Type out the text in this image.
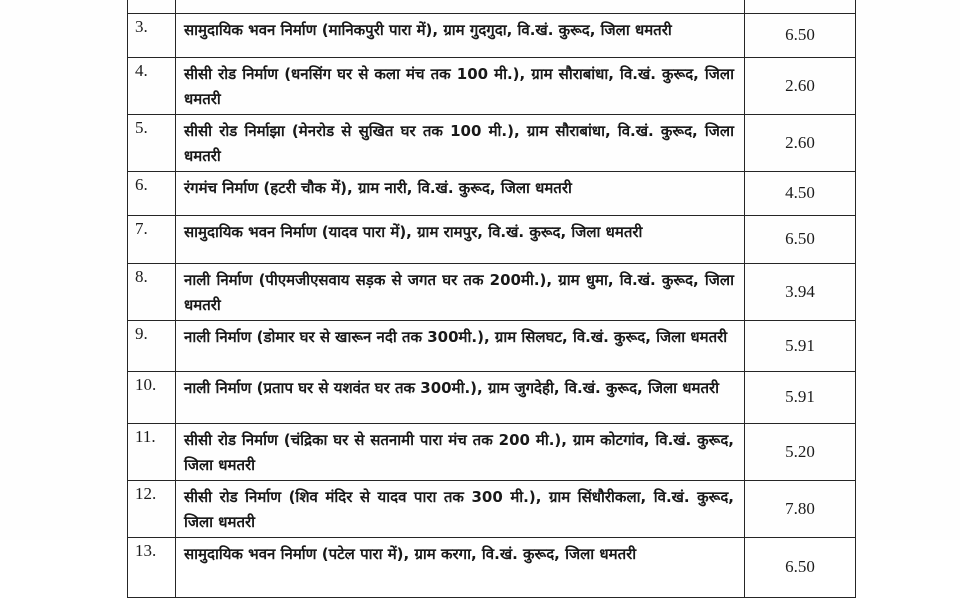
3.	सामुदायिक भवन निर्माण (मानिकपुरी पारा में), ग्राम गुदगुदा, वि.खं. कुरूद, जिला धमतरी	6.50
4.	सीसी रोड निर्माण (धनसिंग घर से कला मंच तक 100 मी.), ग्राम सौराबांधा, वि.खं. कुरूद, जिला धमतरी	2.60
5.	सीसी रोड निर्माझा (मेनरोड से सुखित घर तक 100 मी.), ग्राम सौराबांधा, वि.खं. कुरूद, जिला धमतरी	2.60
6.	रंगमंच निर्माण (हटरी चौक में), ग्राम नारी, वि.खं. कुरूद, जिला धमतरी	4.50
7.	सामुदायिक भवन निर्माण (यादव पारा में), ग्राम रामपुर, वि.खं. कुरूद, जिला धमतरी	6.50
8.	नाली निर्माण (पीएमजीएसवाय सड़क से जगत घर तक 200मी.), ग्राम धुमा, वि.खं. कुरूद, जिला धमतरी	3.94
9.	नाली निर्माण (डोमार घर से खारून नदी तक 300मी.), ग्राम सिलघट, वि.खं. कुरूद, जिला धमतरी	5.91
10.	नाली निर्माण (प्रताप घर से यशवंत घर तक 300मी.), ग्राम जुगदेही, वि.खं. कुरूद, जिला धमतरी	5.91
11.	सीसी रोड निर्माण (चंद्रिका घर से सतनामी पारा मंच तक 200 मी.), ग्राम कोटगांव, वि.खं. कुरूद, जिला धमतरी	5.20
12.	सीसी रोड निर्माण (शिव मंदिर से यादव पारा तक 300 मी.), ग्राम सिंधौरीकला, वि.खं. कुरूद, जिला धमतरी	7.80
13.	सामुदायिक भवन निर्माण (पटेल पारा में), ग्राम करगा, वि.खं. कुरूद, जिला धमतरी	6.50
